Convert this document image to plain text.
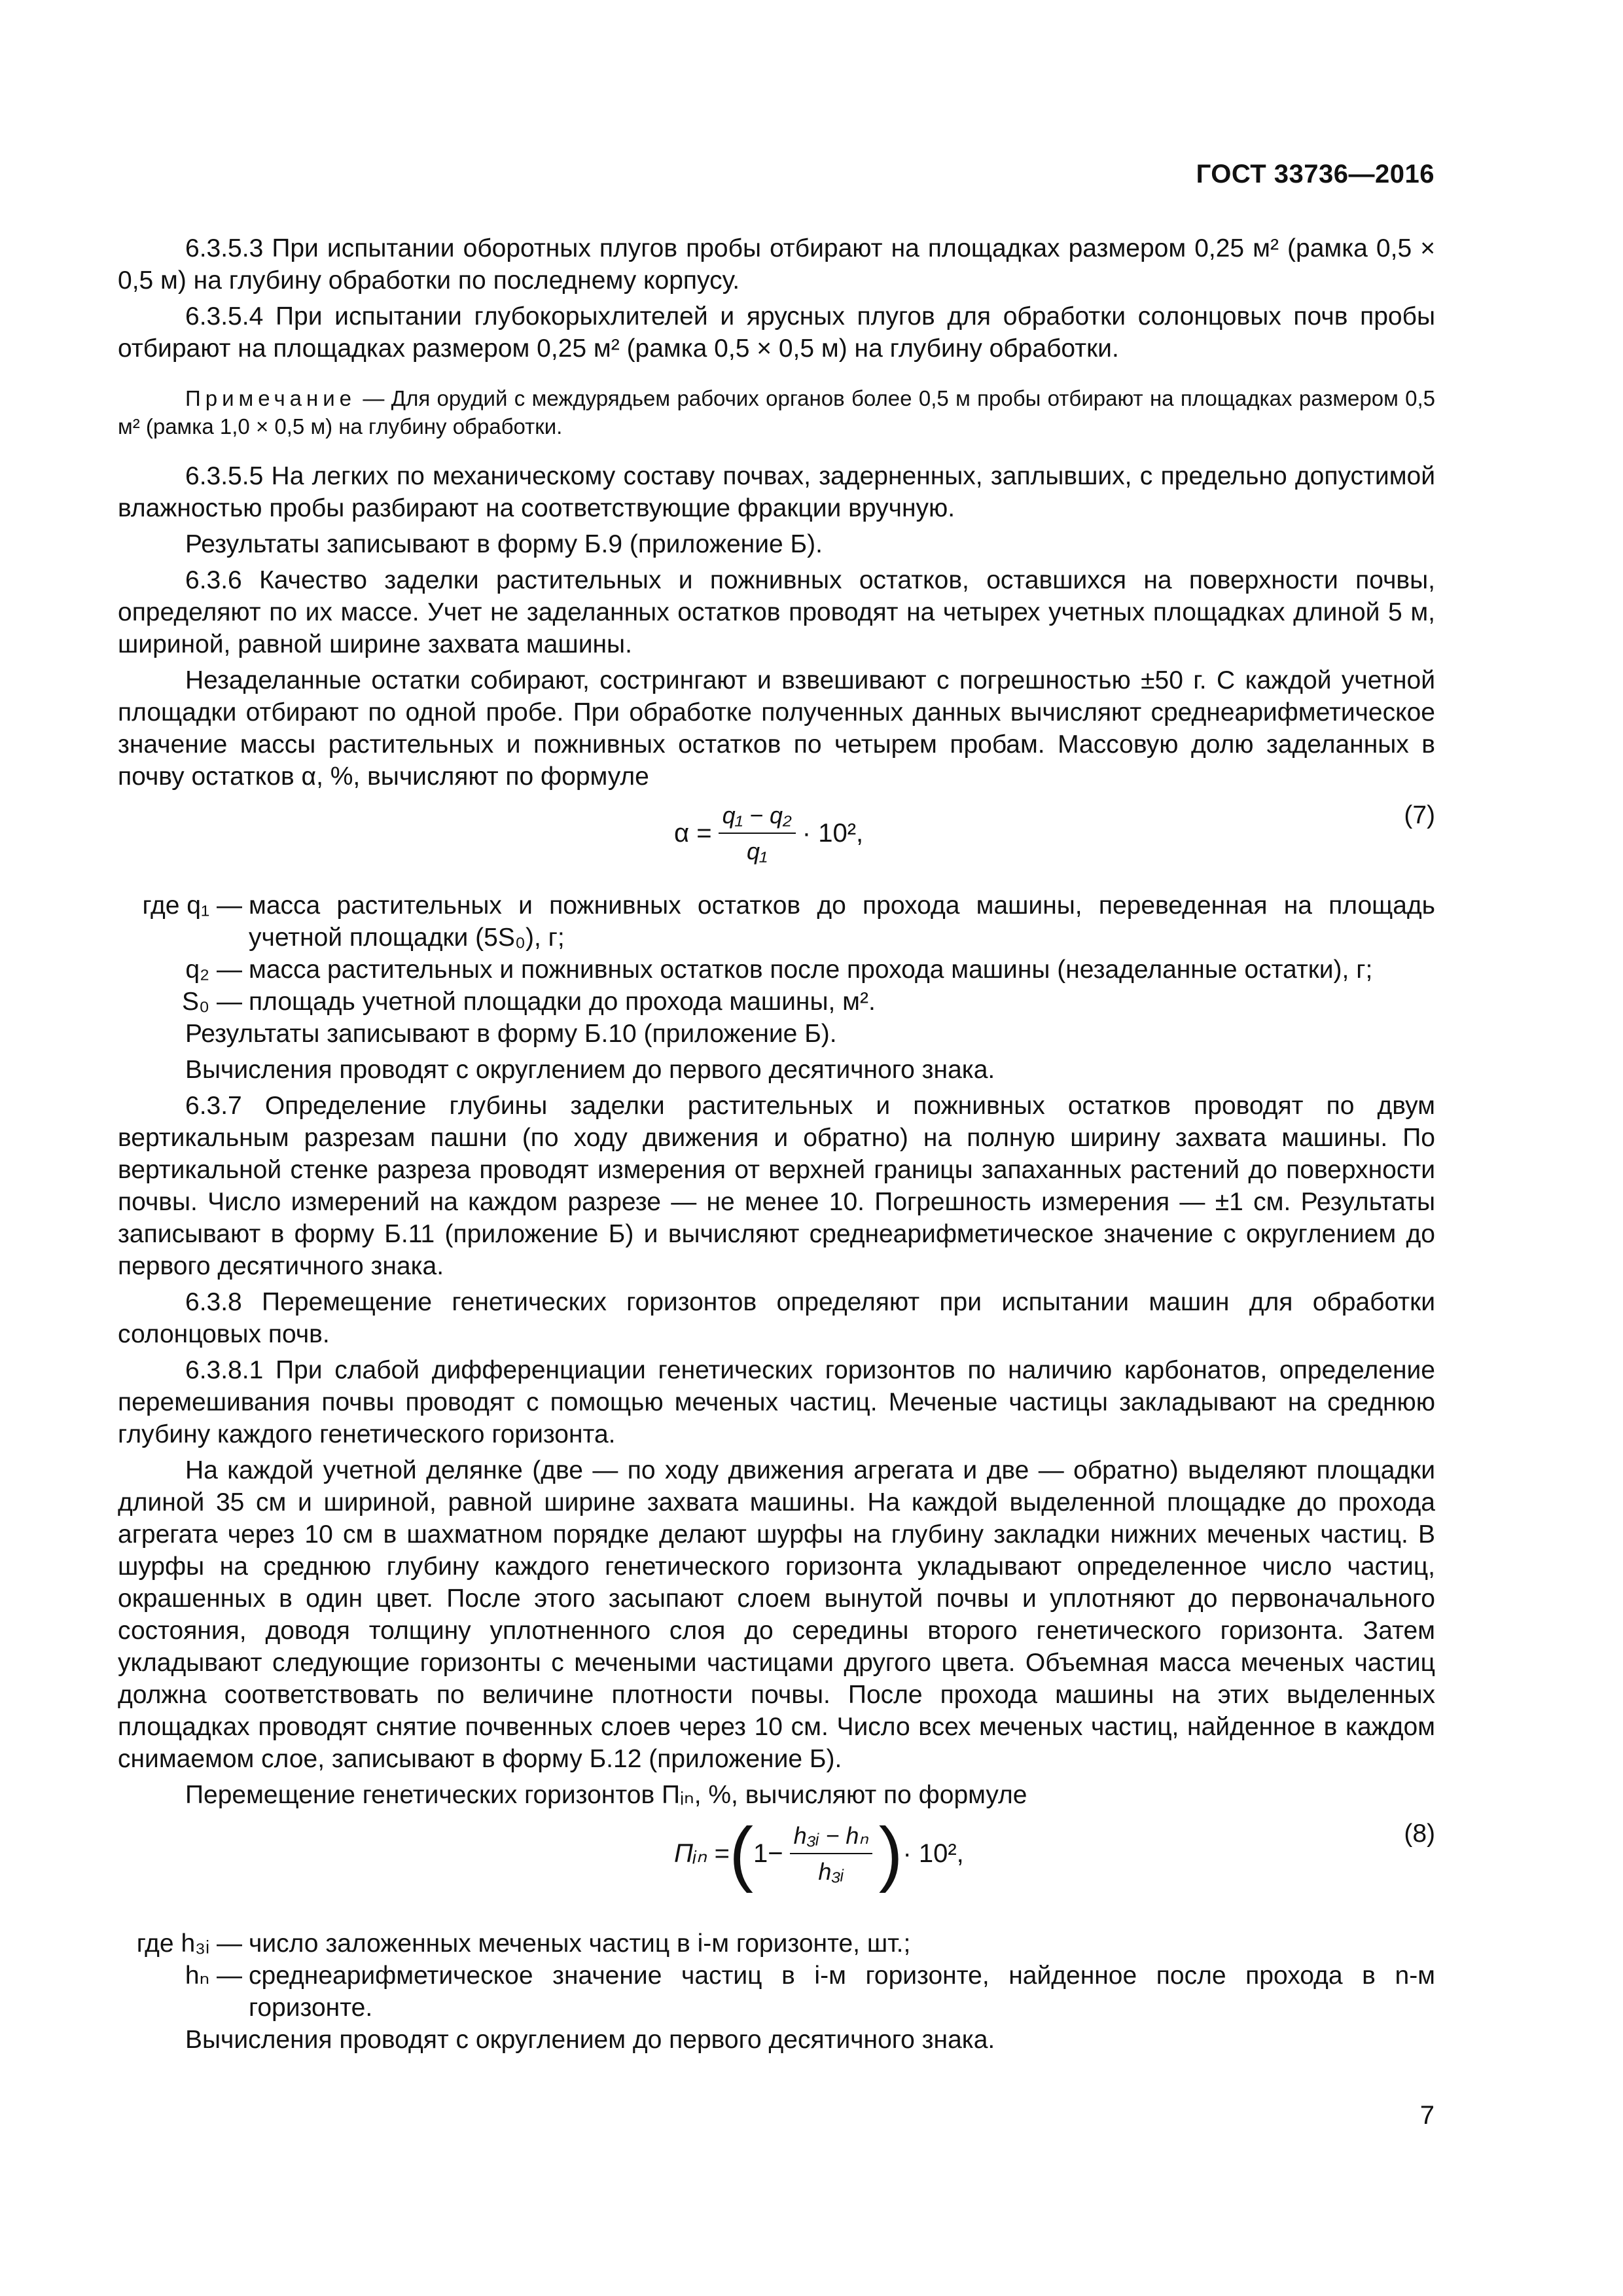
ГОСТ 33736—2016

6.3.5.3 При испытании оборотных плугов пробы отбирают на площадках размером 0,25 м² (рамка 0,5 × 0,5 м) на глубину обработки по последнему корпусу.

6.3.5.4 При испытании глубокорыхлителей и ярусных плугов для обработки солонцовых почв пробы отбирают на площадках размером 0,25 м² (рамка 0,5 × 0,5 м) на глубину обработки.

Примечание — Для орудий с междурядьем рабочих органов более 0,5 м пробы отбирают на площадках размером 0,5 м² (рамка 1,0 × 0,5 м) на глубину обработки.

6.3.5.5 На легких по механическому составу почвах, задерненных, заплывших, с предельно допустимой влажностью пробы разбирают на соответствующие фракции вручную.

Результаты записывают в форму Б.9 (приложение Б).

6.3.6 Качество заделки растительных и пожнивных остатков, оставшихся на поверхности почвы, определяют по их массе. Учет не заделанных остатков проводят на четырех учетных площадках длиной 5 м, шириной, равной ширине захвата машины.

Незаделанные остатки собирают, сострингают и взвешивают с погрешностью ±50 г. С каждой учетной площадки отбирают по одной пробе. При обработке полученных данных вычисляют среднеарифметическое значение массы растительных и пожнивных остатков по четырем пробам. Массовую долю заделанных в почву остатков α, %, вычисляют по формуле

$\alpha = \frac{\text{q₁ − q₂}}{\text{q₁}} \cdot 10^2$,
(7)
где q₁ — масса растительных и пожнивных остатков до прохода машины, переведенная на площадь учетной площадки (5S₀), г;
q₂ — масса растительных и пожнивных остатков после прохода машины (незаделанные остатки), г;
S₀ — площадь учетной площадки до прохода машины, м².

Результаты записывают в форму Б.10 (приложение Б).

Вычисления проводят с округлением до первого десятичного знака.

6.3.7 Определение глубины заделки растительных и пожнивных остатков проводят по двум вертикальным разрезам пашни (по ходу движения и обратно) на полную ширину захвата машины. По вертикальной стенке разреза проводят измерения от верхней границы запаханных растений до поверхности почвы. Число измерений на каждом разрезе — не менее 10. Погрешность измерения — ±1 см. Результаты записывают в форму Б.11 (приложение Б) и вычисляют среднеарифметическое значение с округлением до первого десятичного знака.

6.3.8 Перемещение генетических горизонтов определяют при испытании машин для обработки солонцовых почв.

6.3.8.1 При слабой дифференциации генетических горизонтов по наличию карбонатов, определение перемешивания почвы проводят с помощью меченых частиц. Меченые частицы закладывают на среднюю глубину каждого генетического горизонта.

На каждой учетной делянке (две — по ходу движения агрегата и две — обратно) выделяют площадки длиной 35 см и шириной, равной ширине захвата машины. На каждой выделенной площадке до прохода агрегата через 10 см в шахматном порядке делают шурфы на глубину закладки нижних меченых частиц. В шурфы на среднюю глубину каждого генетического горизонта укладывают определенное число частиц, окрашенных в один цвет. После этого засыпают слоем вынутой почвы и уплотняют до первоначального состояния, доводя толщину уплотненного слоя до середины второго генетического горизонта. Затем укладывают следующие горизонты с мечеными частицами другого цвета. Объемная масса меченых частиц должна соответствовать по величине плотности почвы. После прохода машины на этих выделенных площадках проводят снятие почвенных слоев через 10 см. Число всех меченых частиц, найденное в каждом снимаемом слое, записывают в форму Б.12 (приложение Б).

Перемещение генетических горизонтов Пᵢₙ, %, вычисляют по формуле

Пᵢₙ = ( $1- \frac{\text{h₃ᵢ − hₙ}}{\text{h₃ᵢ}}$ ) · 10²,
(8)
где h₃ᵢ — число заложенных меченых частиц в i-м горизонте, шт.;
hₙ — среднеарифметическое значение частиц в i-м горизонте, найденное после прохода в n-м горизонте.

Вычисления проводят с округлением до первого десятичного знака.

7
